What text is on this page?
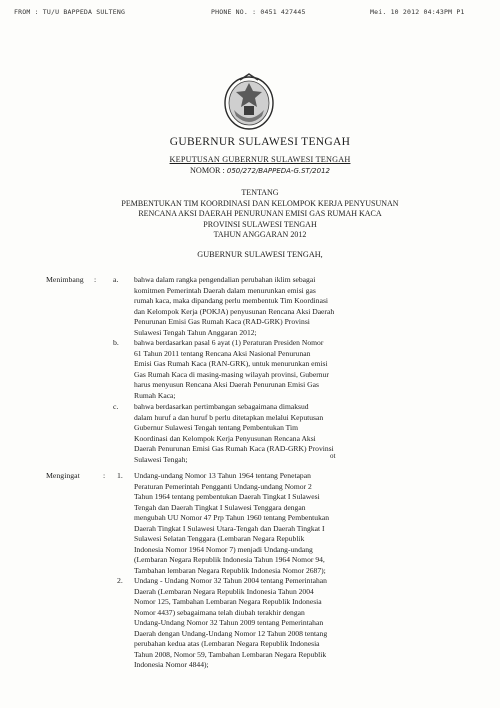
FROM : TU/U BAPPEDA SULTENG	PHONE NO. : 0451 427445	Mei. 10 2012 04:43PM P1
GUBERNUR SULAWESI TENGAH
KEPUTUSAN GUBERNUR SULAWESI TENGAH
NOMOR : 050/272/BAPPEDA-G.ST/2012
TENTANG
PEMBENTUKAN TIM KOORDINASI DAN KELOMPOK KERJA PENYUSUNAN
RENCANA AKSI DAERAH PENURUNAN EMISI GAS RUMAH KACA
PROVINSI SULAWESI TENGAH
TAHUN ANGGARAN 2012
GUBERNUR SULAWESI TENGAH,
Menimbang : a. bahwa dalam rangka pengendalian perubahan iklim sebagai
komitmen Pemerintah Daerah dalam menurunkan emisi gas
rumah kaca, maka dipandang perlu membentuk Tim Koordinasi
dan Kelompok Kerja (POKJA) penyusunan Rencana Aksi Daerah
Penurunan Emisi Gas Rumah Kaca (RAD-GRK) Provinsi
Sulawesi Tengah Tahun Anggaran 2012;
b. bahwa berdasarkan pasal 6 ayat (1) Peraturan Presiden Nomor
61 Tahun 2011 tentang Rencana Aksi Nasional Penurunan
Emisi Gas Rumah Kaca (RAN-GRK), untuk menurunkan emisi
Gas Rumah Kaca di masing-masing wilayah provinsi, Gubernur
harus menyusun Rencana Aksi Daerah Penurunan Emisi Gas
Rumah Kaca;
c. bahwa berdasarkan pertimbangan sebagaimana dimaksud
dalam huruf a dan huruf b perlu ditetapkan melalui Keputusan
Gubernur Sulawesi Tengah tentang Pembentukan Tim
Koordinasi dan Kelompok Kerja Penyusunan Rencana Aksi
Daerah Penurunan Emisi Gas Rumah Kaca (RAD-GRK) Provinsi
Sulawesi Tengah;	ot
Mengingat	: 1. Undang-undang Nomor 13 Tahun 1964 tentang Penetapan
Peraturan Pemerintah Pengganti Undang-undang Nomor 2
Tahun 1964 tentang pembentukan Daerah Tingkat I Sulawesi
Tengah dan Daerah Tingkat I Sulawesi Tenggara dengan
mengubah UU Nomor 47 Prp Tahun 1960 tentang Pembentukan
Daerah Tingkat I Sulawesi Utara-Tengah dan Daerah Tingkat I
Sulawesi Selatan Tenggara (Lembaran Negara Republik
Indonesia Nomor 1964 Nomor 7) menjadi Undang-undang
(Lembaran Negara Republik Indonesia Tahun 1964 Nomor 94,
Tambahan lembaran Negara Republik Indonesia Nomor 2687);
2. Undang - Undang Nomor 32 Tahun 2004 tentang Pemerintahan
Daerah (Lembaran Negara Republik Indonesia Tahun 2004
Nomor 125, Tambahan Lembaran Negara Republik Indonesia
Nomor 4437) sebagaimana telah diubah terakhir dengan
Undang-Undang Nomor 32 Tahun 2009 tentang Pemerintahan
Daerah dengan Undang-Undang Nomor 12 Tahun 2008 tentang
perubahan kedua atas (Lembaran Negara Republik Indonesia
Tahun 2008, Nomor 59, Tambahan Lembaran Negara Republik
Indonesia Nomor 4844);
